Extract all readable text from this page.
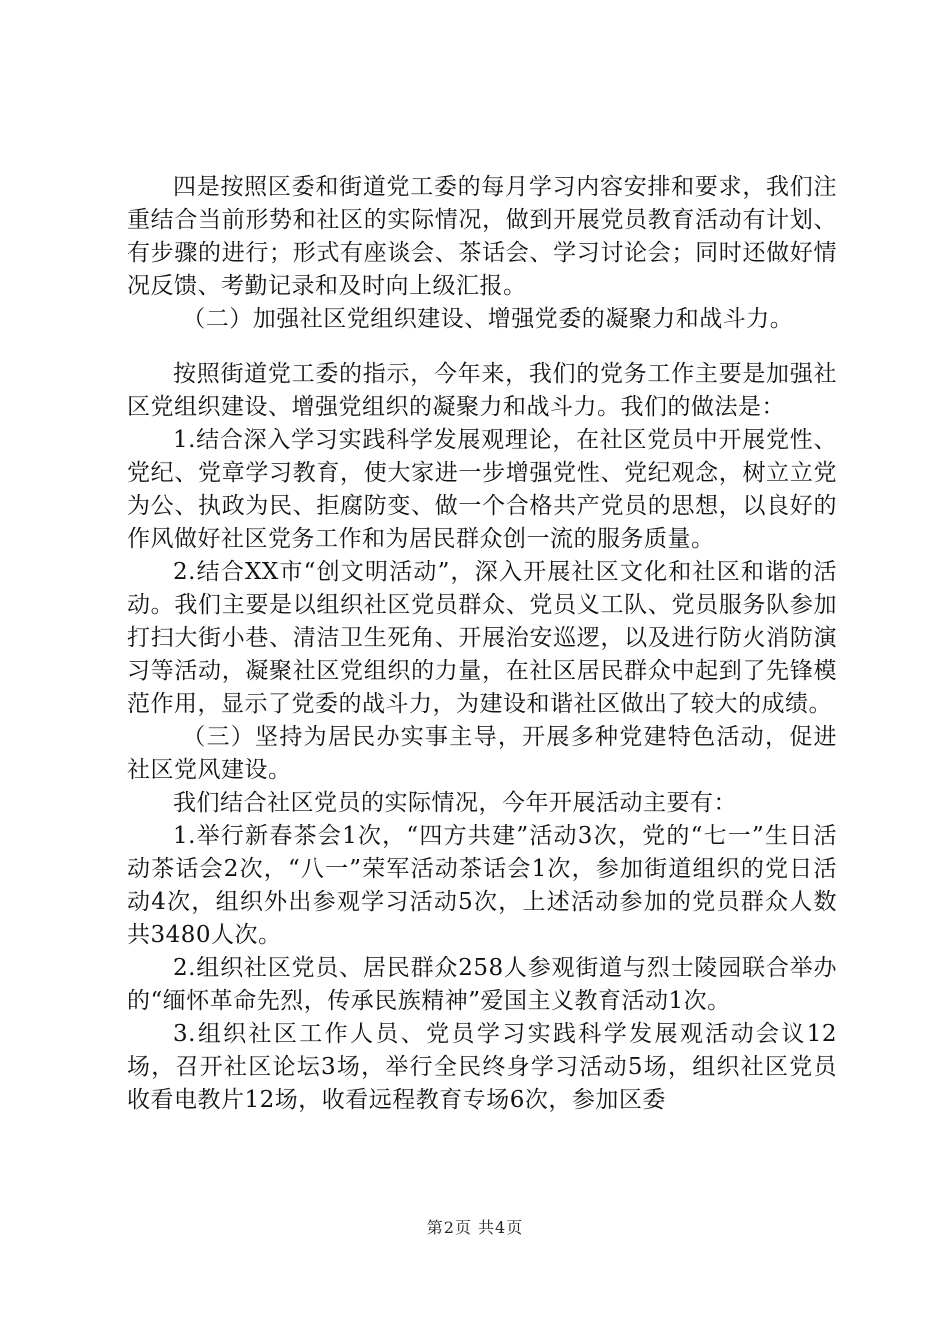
四是按照区委和街道党工委的每月学习内容安排和要求，我们注重结合当前形势和社区的实际情况，做到开展党员教育活动有计划、有步骤的进行；形式有座谈会、茶话会、学习讨论会；同时还做好情况反馈、考勤记录和及时向上级汇报。

（二）加强社区党组织建设、增强党委的凝聚力和战斗力。

按照街道党工委的指示，今年来，我们的党务工作主要是加强社区党组织建设、增强党组织的凝聚力和战斗力。我们的做法是：

1.结合深入学习实践科学发展观理论，在社区党员中开展党性、党纪、党章学习教育，使大家进一步增强党性、党纪观念，树立立党为公、执政为民、拒腐防变、做一个合格共产党员的思想，以良好的作风做好社区党务工作和为居民群众创一流的服务质量。

2.结合XX市“创文明活动”，深入开展社区文化和社区和谐的活动。我们主要是以组织社区党员群众、党员义工队、党员服务队参加打扫大街小巷、清洁卫生死角、开展治安巡逻，以及进行防火消防演习等活动，凝聚社区党组织的力量，在社区居民群众中起到了先锋模范作用，显示了党委的战斗力，为建设和谐社区做出了较大的成绩。

（三）坚持为居民办实事主导，开展多种党建特色活动，促进社区党风建设。

我们结合社区党员的实际情况，今年开展活动主要有：

1.举行新春茶会1次，“四方共建”活动3次，党的“七一”生日活动茶话会2次，“八一”荣军活动茶话会1次，参加街道组织的党日活动4次，组织外出参观学习活动5次，上述活动参加的党员群众人数共3480人次。

2.组织社区党员、居民群众258人参观街道与烈士陵园联合举办的“缅怀革命先烈，传承民族精神”爱国主义教育活动1次。

3.组织社区工作人员、党员学习实践科学发展观活动会议12场，召开社区论坛3场，举行全民终身学习活动5场，组织社区党员收看电教片12场，收看远程教育专场6次，参加区委

第2页 共4页
